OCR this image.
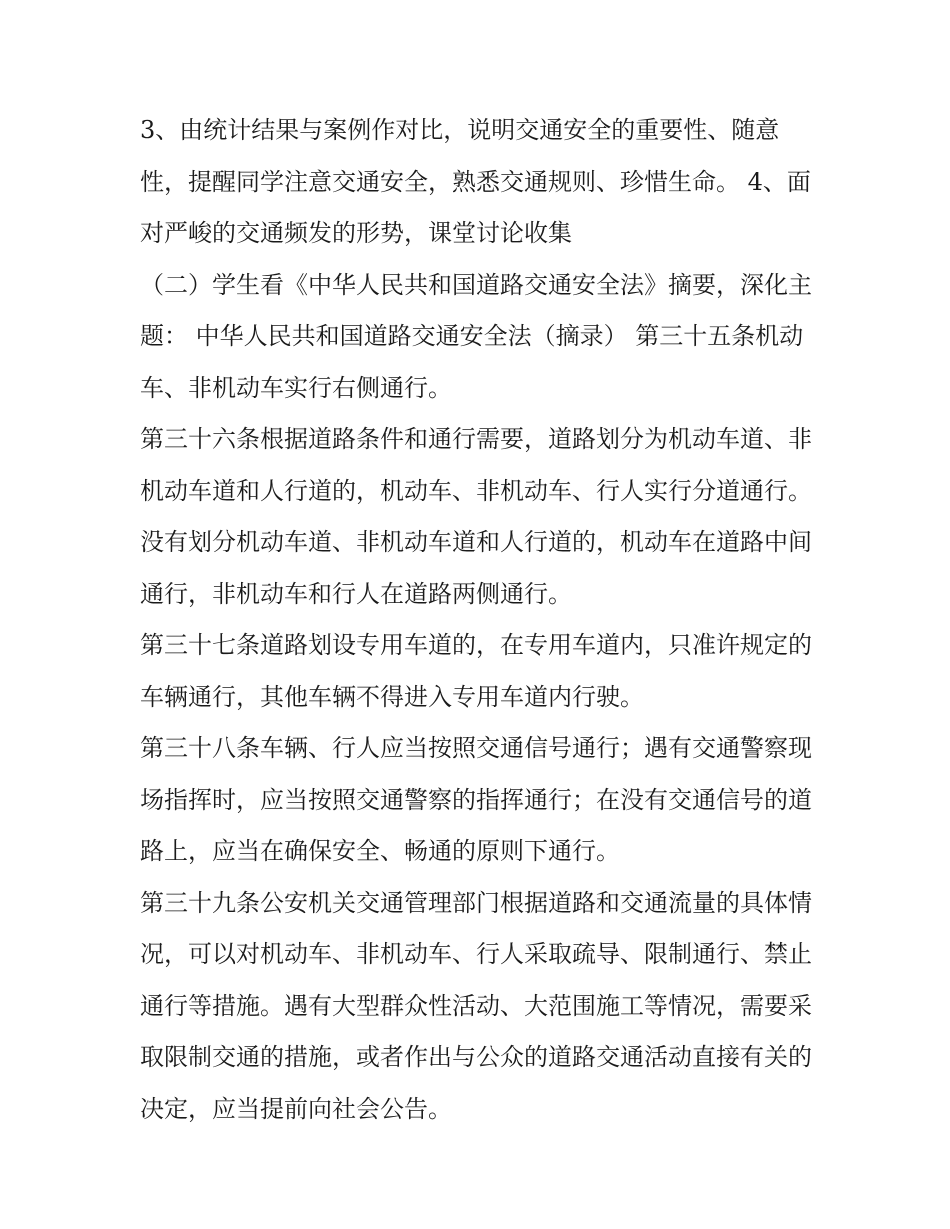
3、由统计结果与案例作对比，说明交通安全的重要性、随意性，提醒同学注意交通安全，熟悉交通规则、珍惜生命。 4、面对严峻的交通频发的形势，课堂讨论收集

（二）学生看《中华人民共和国道路交通安全法》摘要，深化主题： 中华人民共和国道路交通安全法（摘录） 第三十五条机动车、非机动车实行右侧通行。

第三十六条根据道路条件和通行需要，道路划分为机动车道、非机动车道和人行道的，机动车、非机动车、行人实行分道通行。没有划分机动车道、非机动车道和人行道的，机动车在道路中间通行，非机动车和行人在道路两侧通行。

第三十七条道路划设专用车道的，在专用车道内，只准许规定的车辆通行，其他车辆不得进入专用车道内行驶。

第三十八条车辆、行人应当按照交通信号通行；遇有交通警察现场指挥时，应当按照交通警察的指挥通行；在没有交通信号的道路上，应当在确保安全、畅通的原则下通行。

第三十九条公安机关交通管理部门根据道路和交通流量的具体情况，可以对机动车、非机动车、行人采取疏导、限制通行、禁止通行等措施。遇有大型群众性活动、大范围施工等情况，需要采取限制交通的措施，或者作出与公众的道路交通活动直接有关的决定，应当提前向社会公告。
